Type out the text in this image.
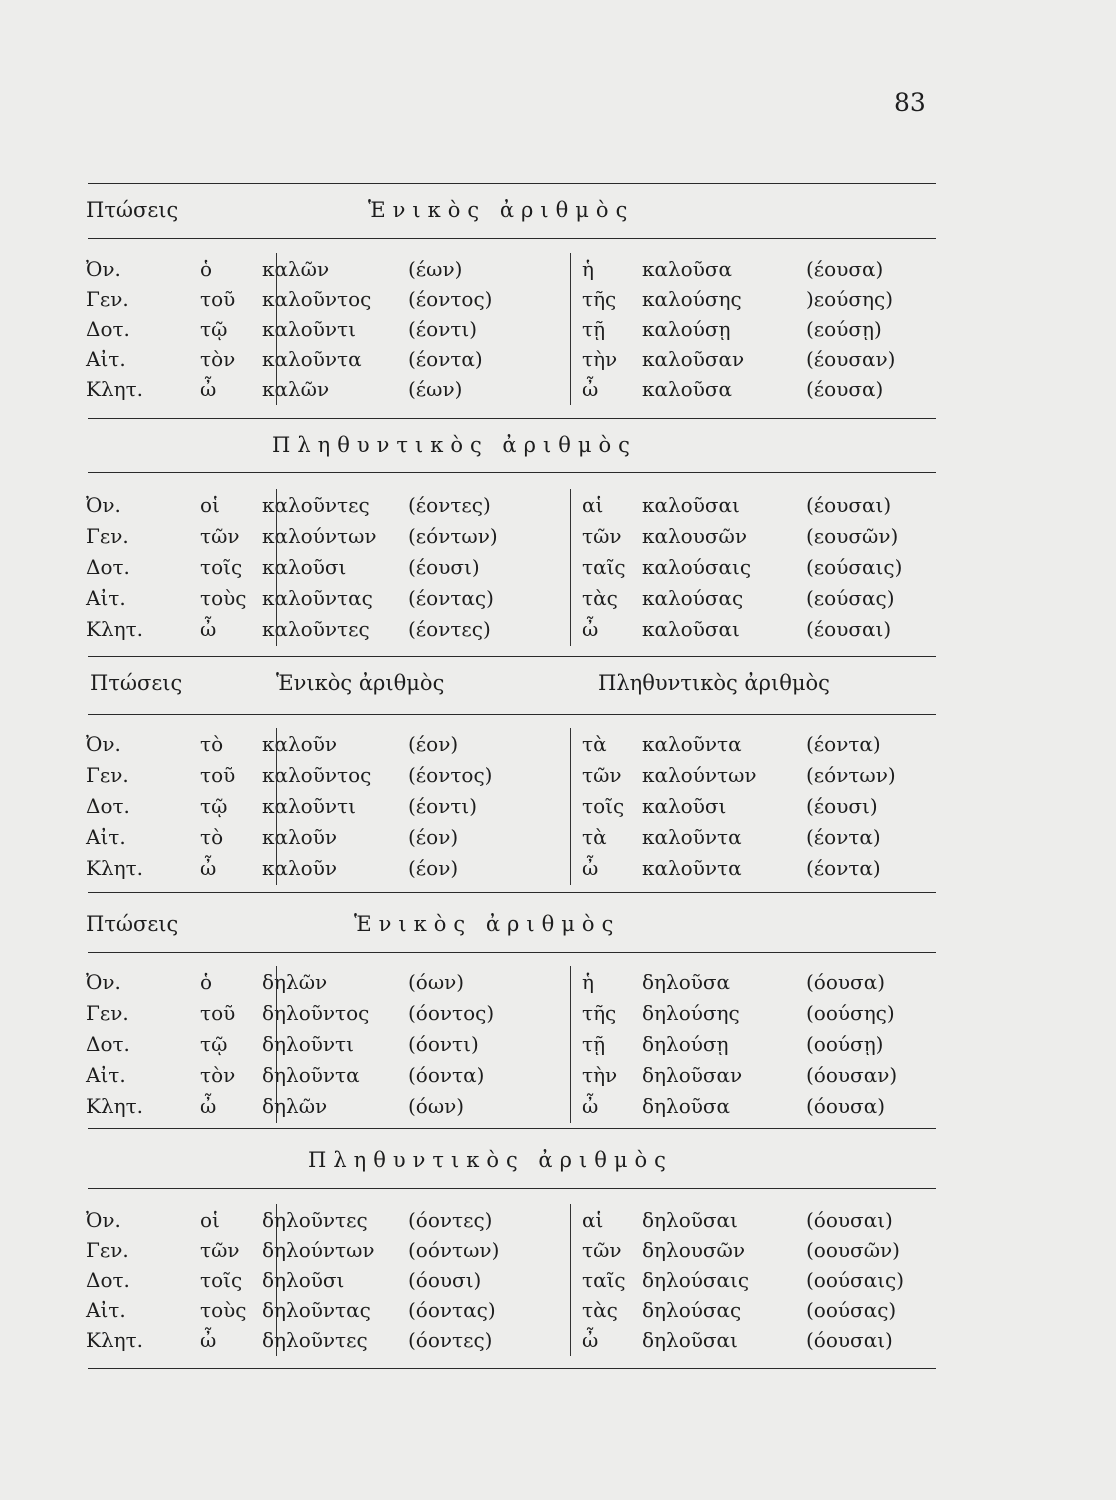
83
Πτώσεις	Ἑνικὸς ἀριθμὸς
Ὀν.	ὁ καλῶν	(έων)	ἡ καλοῦσα	(έουσα)
Γεν.	τοῦ καλοῦντος (έοντος)	τῆς καλούσης	)εούσης)
Δοτ.	τῷ καλοῦντι	(έοντι)	τῇ καλούσῃ	(εούσῃ)
Αἰτ.	τὸν καλοῦντα (έοντα)	τὴν καλοῦσαν	(έουσαν)
Κλητ.	ὦ καλῶν	(έων)	ὦ καλοῦσα	(έουσα)
Πληθυντικὸς ἀριθμὸς
Ὀν.	οἱ καλοῦντες (έοντες)	αἱ καλοῦσαι	(έουσαι)
Γεν.	τῶν καλούντων (εόντων)	τῶν καλουσῶν	(εουσῶν)
Δοτ.	τοῖς καλοῦσι	(έουσι)	ταῖς καλούσαις	(εούσαις)
Αἰτ.	τοὺς καλοῦντας (έοντας)	τὰς καλούσας	(εούσας)
Κλητ.	ὦ καλοῦντες (έοντες)	ὦ καλοῦσαι	(έουσαι)
Πτώσεις	Ἑνικὸς ἀριθμὸς	Πληθυντικὸς ἀριθμὸς
Ὀν.	τὸ καλοῦν	(έον)	τὰ καλοῦντα	(έοντα)
Γεν.	τοῦ καλοῦντος (έοντος)	τῶν καλούντων (εόντων)
Δοτ.	τῷ καλοῦντι	(έοντι)	τοῖς καλοῦσι	(έουσι)
Αἰτ.	τὸ καλοῦν	(έον)	τὰ καλοῦντα	(έοντα)
Κλητ.	ὦ καλοῦν	(έον)	ὦ καλοῦντα	(έοντα)
Πτώσεις	Ἑνικὸς ἀριθμὸς
Ὀν.	ὁ δηλῶν	(όων)	ἡ δηλοῦσα	(όουσα)
Γεν.	τοῦ δηλοῦντος (όοντος)	τῆς δηλούσης	(οούσης)
Δοτ.	τῷ δηλοῦντι	(όοντι)	τῇ δηλούσῃ	(οούσῃ)
Αἰτ.	τὸν δηλοῦντα (όοντα)	τὴν δηλοῦσαν	(όουσαν)
Κλητ.	ὦ δηλῶν	(όων)	ὦ δηλοῦσα	(όουσα)
Πληθυντικὸς ἀριθμὸς
Ὀν.	οἱ δηλοῦντες (όοντες)	αἱ δηλοῦσαι	(όουσαι)
Γεν.	τῶν δηλούντων (οόντων)	τῶν δηλουσῶν	(οουσῶν)
Δοτ.	τοῖς δηλοῦσι	(όουσι)	ταῖς δηλούσαις	(οούσαις)
Αἰτ.	τοὺς δηλοῦντας (όοντας)	τὰς δηλούσας	(οούσας)
Κλητ.	ὦ δηλοῦντες (όοντες)	ὦ δηλοῦσαι	(όουσαι)
